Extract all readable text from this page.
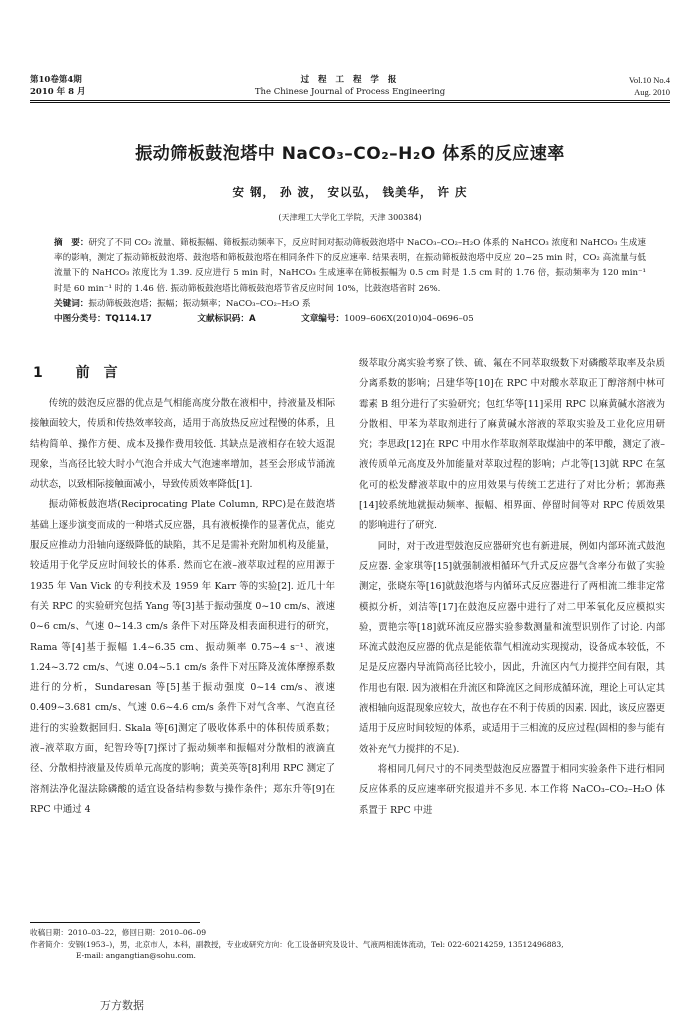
第10卷第4期
2010 年 8 月
过 程 工 程 学 报
The Chinese Journal of Process Engineering
Vol.10 No.4
Aug. 2010
振动筛板鼓泡塔中 NaCO₃–CO₂–H₂O 体系的反应速率
安 钢， 孙 波， 安以弘， 钱美华， 许 庆
(天津理工大学化工学院，天津 300384)
摘　要：研究了不同 CO₂ 流量、筛板振幅、筛板振动频率下，反应时间对振动筛板鼓泡塔中 NaCO₃–CO₂–H₂O 体系的 NaHCO₃ 浓度和 NaHCO₃ 生成速率的影响，测定了振动筛板鼓泡塔、鼓泡塔和筛板鼓泡塔在相同条件下的反应速率. 结果表明，在振动筛板鼓泡塔中反应 20~25 min 时，CO₂ 高流量与低流量下的 NaHCO₃ 浓度比为 1.39. 反应进行 5 min 时，NaHCO₃ 生成速率在筛板振幅为 0.5 cm 时是 1.5 cm 时的 1.76 倍，振动频率为 120 min⁻¹ 时是 60 min⁻¹ 时的 1.46 倍. 振动筛板鼓泡塔比筛板鼓泡塔节省反应时间 10%，比鼓泡塔省时 26%.
关键词：振动筛板鼓泡塔；振幅；振动频率；NaCO₃–CO₂–H₂O 系
中图分类号：TQ114.17	文献标识码：A	文章编号：1009–606X(2010)04–0696–05
1 前言

传统的鼓泡反应器的优点是气相能高度分散在液相中，持液量及相际接触面较大，传质和传热效率较高，适用于高放热反应过程慢的体系，且结构简单、操作方便、成本及操作费用较低. 其缺点是液相存在较大返混现象，当高径比较大时小气泡合并成大气泡速率增加，甚至会形成节涌流动状态，以致相际接触面减小，导致传质效率降低[1].

振动筛板鼓泡塔(Reciprocating Plate Column, RPC)是在鼓泡塔基础上逐步演变而成的一种塔式反应器，具有液板操作的显著优点，能克服反应推动力沿轴向逐级降低的缺陷，其不足是需补充附加机构及能量，较适用于化学反应时间较长的体系. 然而它在液–液萃取过程的应用源于 1935 年 Van Vick 的专利技术及 1959 年 Karr 等的实验[2]. 近几十年有关 RPC 的实验研究包括 Yang 等[3]基于振动强度 0~10 cm/s、液速 0~6 cm/s、气速 0~14.3 cm/s 条件下对压降及相表面积进行的研究，Rama 等[4]基于振幅 1.4~6.35 cm、振动频率 0.75~4 s⁻¹、液速 1.24~3.72 cm/s、气速 0.04~5.1 cm/s 条件下对压降及流体摩擦系数进行的分析，Sundaresan 等[5]基于振动强度 0~14 cm/s、液速 0.409~3.681 cm/s、气速 0.6~4.6 cm/s 条件下对气含率、气泡直径进行的实验数据回归. Skala 等[6]测定了吸收体系中的体积传质系数；液–液萃取方面，纪智玲等[7]探讨了振动频率和振幅对分散相的液滴直径、分散相持液量及传质单元高度的影响；黄美英等[8]利用 RPC 测定了溶剂法净化湿法除磷酸的适宜设备结构参数与操作条件；郑东升等[9]在 RPC 中通过 4

级萃取分离实验考察了铁、硫、氟在不同萃取级数下对磷酸萃取率及杂质分离系数的影响；吕建华等[10]在 RPC 中对酸水萃取正丁醇溶剂中林可霉素 B 组分进行了实验研究；包红华等[11]采用 RPC 以麻黄碱水溶液为分散相、甲苯为萃取剂进行了麻黄碱水溶液的萃取实验及工业化应用研究；李思政[12]在 RPC 中用水作萃取剂萃取煤油中的苯甲酸，测定了液–液传质单元高度及外加能量对萃取过程的影响；卢北等[13]就 RPC 在氢化可的松发酵液萃取中的应用效果与传统工艺进行了对比分析；郭海燕[14]较系统地就振动频率、振幅、相界面、停留时间等对 RPC 传质效果的影响进行了研究.

同时，对于改进型鼓泡反应器研究也有新进展，例如内部环流式鼓泡反应器. 金家琪等[15]就强制液相循环气升式反应器气含率分布做了实验测定，张晓东等[16]就鼓泡塔与内循环式反应器进行了两相流二维非定常模拟分析，刘洁等[17]在鼓泡反应器中进行了对二甲苯氧化反应模拟实验，贾艳宗等[18]就环流反应器实验参数测量和流型识别作了讨论. 内部环流式鼓泡反应器的优点是能依靠气相流动实现搅动，设备成本较低，不足是反应器内导流筒高径比较小，因此，升流区内气力搅拌空间有限，其作用也有限. 因为液相在升流区和降流区之间形成循环流，理论上可认定其液相轴向返混现象应较大，故也存在不利于传质的因素. 因此，该反应器更适用于反应时间较短的体系，或适用于三相流的反应过程(固相的参与能有效补充气力搅拌的不足).

将相同几何尺寸的不同类型鼓泡反应器置于相同实验条件下进行相同反应体系的反应速率研究报道并不多见. 本工作将 NaCO₃–CO₂–H₂O 体系置于 RPC 中进

收稿日期：2010–03–22，修回日期：2010–06–09
作者简介：安钢(1953–)，男，北京市人，本科，副教授，专业或研究方向：化工设备研究及设计、气液两相流体流动，Tel: 022-60214259, 13512496883,
E-mail: angangtian@sohu.com.
万方数据
